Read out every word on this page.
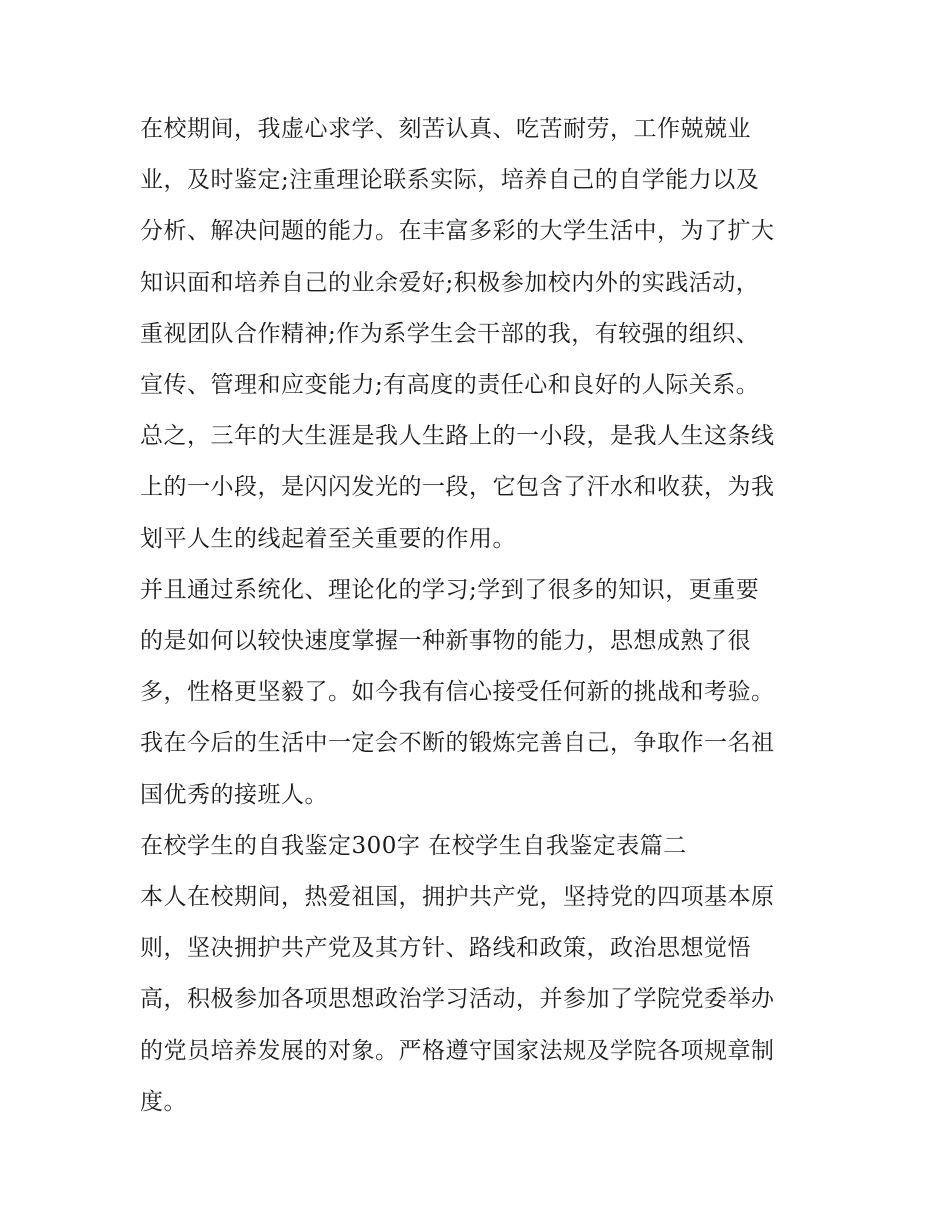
在校期间，我虚心求学、刻苦认真、吃苦耐劳，工作兢兢业
业，及时鉴定;注重理论联系实际，培养自己的自学能力以及
分析、解决问题的能力。在丰富多彩的大学生活中，为了扩大
知识面和培养自己的业余爱好;积极参加校内外的实践活动，
重视团队合作精神;作为系学生会干部的我，有较强的组织、
宣传、管理和应变能力;有高度的责任心和良好的人际关系。
总之，三年的大生涯是我人生路上的一小段，是我人生这条线
上的一小段，是闪闪发光的一段，它包含了汗水和收获，为我
划平人生的线起着至关重要的作用。
并且通过系统化、理论化的学习;学到了很多的知识，更重要
的是如何以较快速度掌握一种新事物的能力，思想成熟了很
多，性格更坚毅了。如今我有信心接受任何新的挑战和考验。
我在今后的生活中一定会不断的锻炼完善自己，争取作一名祖
国优秀的接班人。
在校学生的自我鉴定300字 在校学生自我鉴定表篇二
本人在校期间，热爱祖国，拥护共产党，坚持党的四项基本原
则，坚决拥护共产党及其方针、路线和政策，政治思想觉悟
高，积极参加各项思想政治学习活动，并参加了学院党委举办
的党员培养发展的对象。严格遵守国家法规及学院各项规章制
度。
